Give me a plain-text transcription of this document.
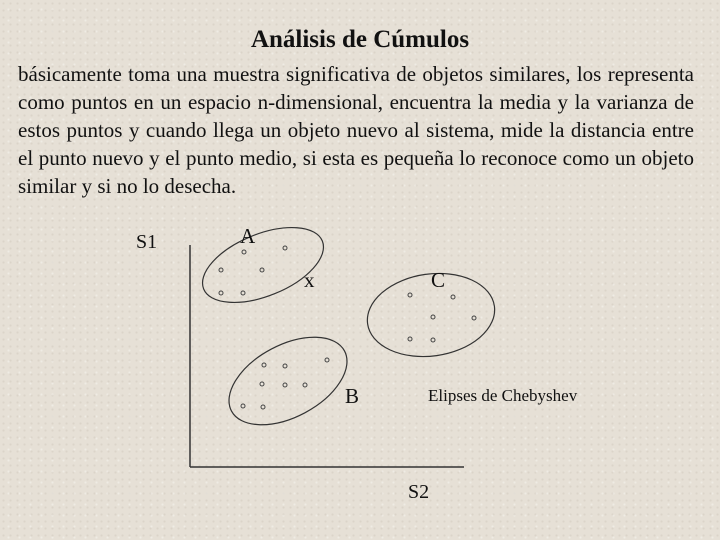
Análisis de Cúmulos

básicamente toma una muestra significativa de objetos similares, los representa como puntos en un espacio n-dimensional, encuentra la media y la varianza de estos puntos y cuando llega un objeto nuevo al sistema, mide la distancia entre el punto nuevo y el punto medio, si esta es pequeña lo reconoce como un objeto similar y si no lo desecha.

S1
S2
A
x	C
B	Elipses de Chebyshev
